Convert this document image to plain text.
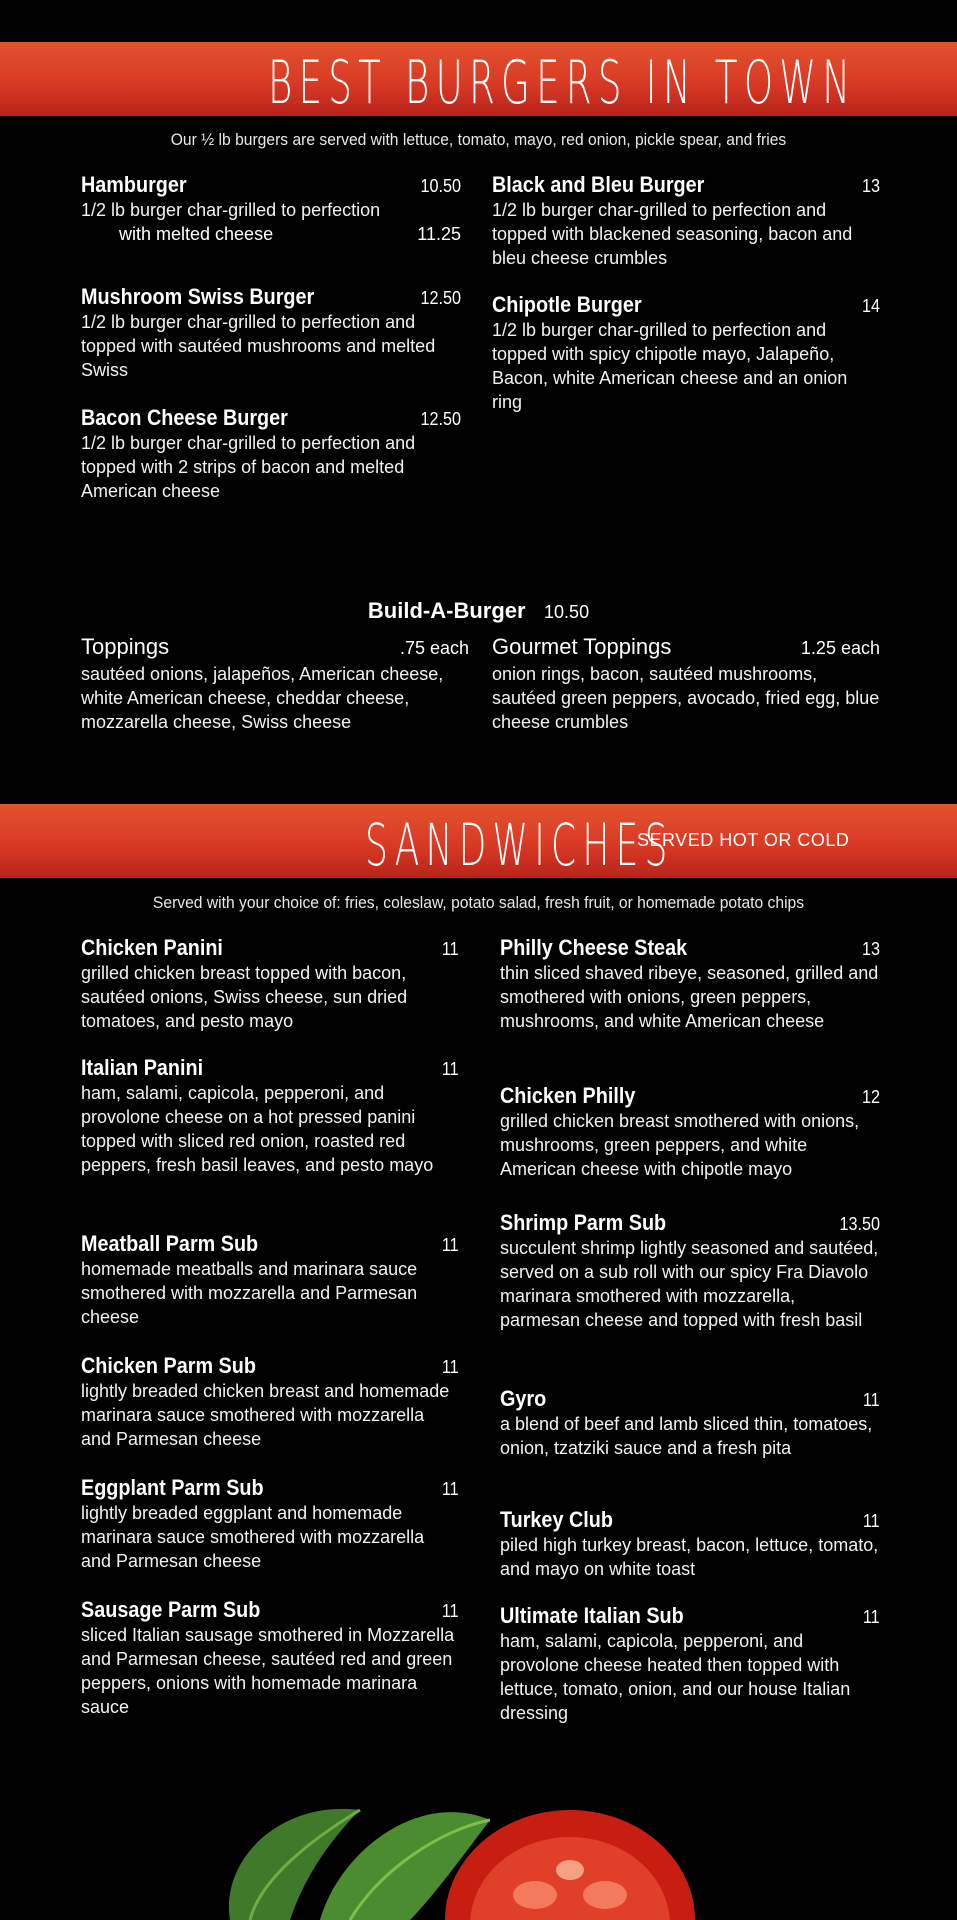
BEST BURGERS IN TOWN
Our ½ lb burgers are served with lettuce, tomato, mayo, red onion, pickle spear, and fries
Hamburger	10.50
1/2 lb burger char-grilled to perfection
with melted cheese	11.25
Mushroom Swiss Burger	12.50
1/2 lb burger char-grilled to perfection and topped with sautéed mushrooms and melted Swiss
Bacon Cheese Burger	12.50
1/2 lb burger char-grilled to perfection and topped with 2 strips of bacon and melted American cheese
Black and Bleu Burger	13
1/2 lb burger char-grilled to perfection and topped with blackened seasoning, bacon and bleu cheese crumbles
Chipotle Burger	14
1/2 lb burger char-grilled to perfection and topped with spicy chipotle mayo, Jalapeño, Bacon, white American cheese and an onion ring
Build-A-Burger 10.50
Toppings	.75 each
sautéed onions, jalapeños, American cheese, white American cheese, cheddar cheese, mozzarella cheese, Swiss cheese
Gourmet Toppings	1.25 each
onion rings, bacon, sautéed mushrooms, sautéed green peppers, avocado, fried egg, blue cheese crumbles
SANDWICHES
SERVED HOT OR COLD
Served with your choice of: fries, coleslaw, potato salad, fresh fruit, or homemade potato chips
Chicken Panini	11
grilled chicken breast topped with bacon, sautéed onions, Swiss cheese, sun dried tomatoes, and pesto mayo
Italian Panini	11
ham, salami, capicola, pepperoni, and provolone cheese on a hot pressed panini topped with sliced red onion, roasted red peppers, fresh basil leaves, and pesto mayo
Meatball Parm Sub	11
homemade meatballs and marinara sauce smothered with mozzarella and Parmesan cheese
Chicken Parm Sub	11
lightly breaded chicken breast and homemade marinara sauce smothered with mozzarella and Parmesan cheese
Eggplant Parm Sub	11
lightly breaded eggplant and homemade marinara sauce smothered with mozzarella and Parmesan cheese
Sausage Parm Sub	11
sliced Italian sausage smothered in Mozzarella and Parmesan cheese, sautéed red and green peppers, onions with homemade marinara sauce
Philly Cheese Steak	13
thin sliced shaved ribeye, seasoned, grilled and smothered with onions, green peppers, mushrooms, and white American cheese
Chicken Philly	12
grilled chicken breast smothered with onions, mushrooms, green peppers, and white American cheese with chipotle mayo
Shrimp Parm Sub	13.50
succulent shrimp lightly seasoned and sautéed, served on a sub roll with our spicy Fra Diavolo marinara smothered with mozzarella, parmesan cheese and topped with fresh basil
Gyro	11
a blend of beef and lamb sliced thin, tomatoes, onion, tzatziki sauce and a fresh pita
Turkey Club	11
piled high turkey breast, bacon, lettuce, tomato, and mayo on white toast
Ultimate Italian Sub	11
ham, salami, capicola, pepperoni, and provolone cheese heated then topped with lettuce, tomato, onion, and our house Italian dressing
